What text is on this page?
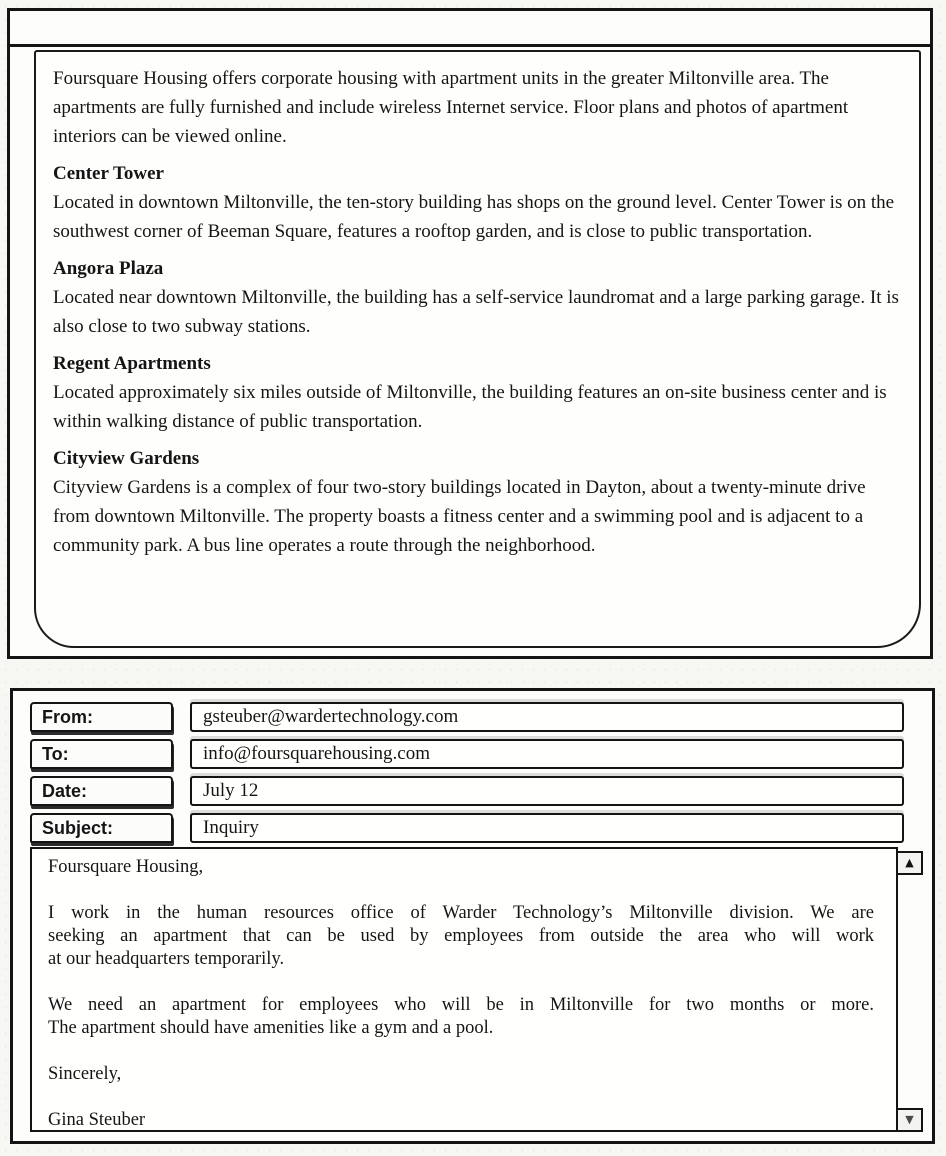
Foursquare Housing offers corporate housing with apartment units in the greater Miltonville area. The apartments are fully furnished and include wireless Internet service. Floor plans and photos of apartment interiors can be viewed online.

Center Tower

Located in downtown Miltonville, the ten-story building has shops on the ground level. Center Tower is on the southwest corner of Beeman Square, features a rooftop garden, and is close to public transportation.

Angora Plaza

Located near downtown Miltonville, the building has a self-service laundromat and a large parking garage. It is also close to two subway stations.

Regent Apartments

Located approximately six miles outside of Miltonville, the building features an on-site business center and is within walking distance of public transportation.

Cityview Gardens

Cityview Gardens is a complex of four two-story buildings located in Dayton, about a twenty-minute drive from downtown Miltonville. The property boasts a fitness center and a swimming pool and is adjacent to a community park. A bus line operates a route through the neighborhood.

From:	gsteuber@wardertechnology.com
To:	info@foursquarehousing.com
Date:	July 12
Subject:	Inquiry
Foursquare Housing,
I work in the human resources office of Warder Technology’s Miltonville division. We are
seeking an apartment that can be used by employees from outside the area who will work
at our headquarters temporarily.
We need an apartment for employees who will be in Miltonville for two months or more.
The apartment should have amenities like a gym and a pool.
Sincerely,
Gina Steuber
▲
▼
